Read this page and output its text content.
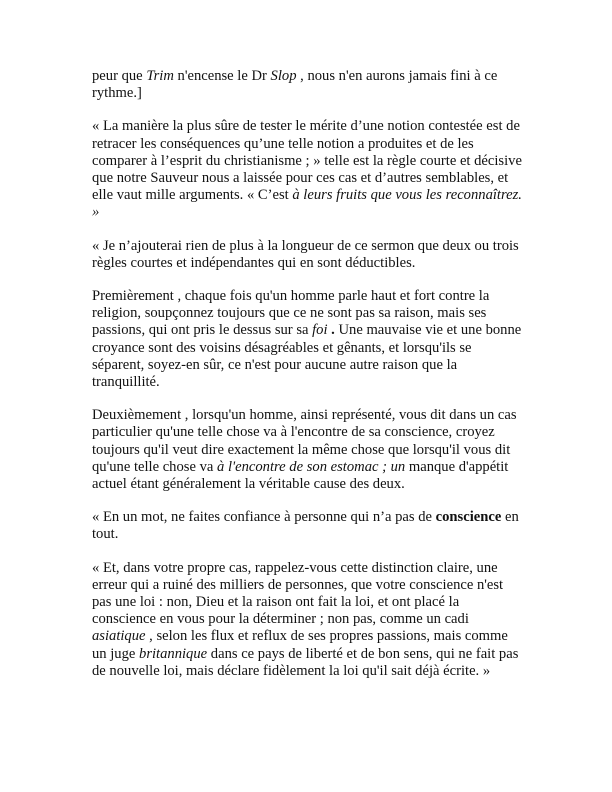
peur que Trim n'encense le Dr Slop , nous n'en aurons jamais fini à ce rythme.]

« La manière la plus sûre de tester le mérite d’une notion contestée est de retracer les conséquences qu’une telle notion a produites et de les comparer à l’esprit du christianisme ; » telle est la règle courte et décisive que notre Sauveur nous a laissée pour ces cas et d’autres semblables, et elle vaut mille arguments. « C’est à leurs fruits que vous les reconnaîtrez. »

« Je n’ajouterai rien de plus à la longueur de ce sermon que deux ou trois règles courtes et indépendantes qui en sont déductibles.

Premièrement , chaque fois qu'un homme parle haut et fort contre la religion, soupçonnez toujours que ce ne sont pas sa raison, mais ses passions, qui ont pris le dessus sur sa foi . Une mauvaise vie et une bonne croyance sont des voisins désagréables et gênants, et lorsqu'ils se séparent, soyez-en sûr, ce n'est pour aucune autre raison que la tranquillité.

Deuxièmement , lorsqu'un homme, ainsi représenté, vous dit dans un cas particulier qu'une telle chose va à l'encontre de sa conscience, croyez toujours qu'il veut dire exactement la même chose que lorsqu'il vous dit qu'une telle chose va à l'encontre de son estomac ; un manque d'appétit actuel étant généralement la véritable cause des deux.

« En un mot, ne faites confiance à personne qui n’a pas de conscience en tout.

« Et, dans votre propre cas, rappelez-vous cette distinction claire, une erreur qui a ruiné des milliers de personnes, que votre conscience n'est pas une loi : non, Dieu et la raison ont fait la loi, et ont placé la conscience en vous pour la déterminer ; non pas, comme un cadi asiatique , selon les flux et reflux de ses propres passions, mais comme un juge britannique dans ce pays de liberté et de bon sens, qui ne fait pas de nouvelle loi, mais déclare fidèlement la loi qu'il sait déjà écrite. »
